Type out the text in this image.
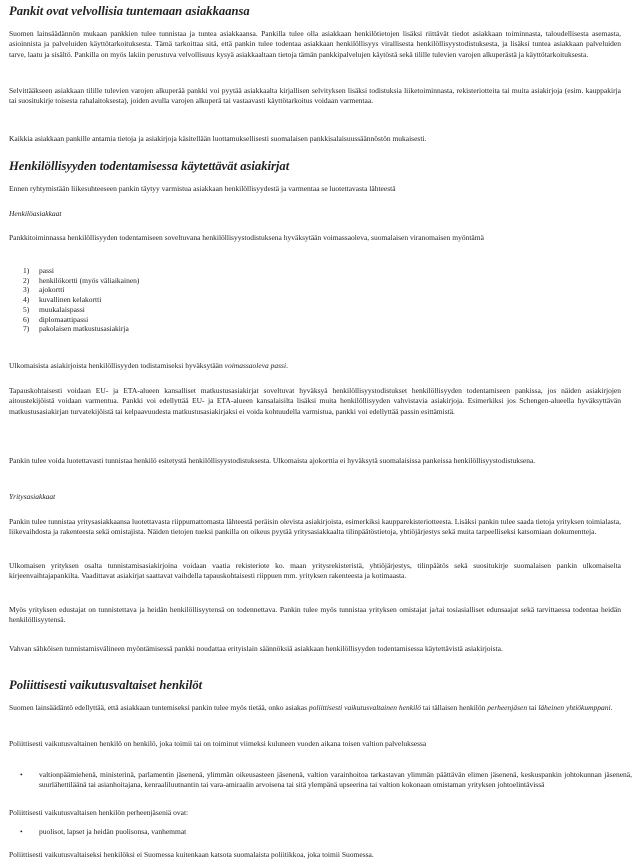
Pankit ovat velvollisia tuntemaan asiakkaansa

Suomen lainsäädännön mukaan pankkien tulee tunnistaa ja tuntea asiakkaansa. Pankilla tulee olla asiakkaan henkilötietojen lisäksi riittävät tiedot asiakkaan toiminnasta, taloudellisesta asemasta, asioinnista ja palveluiden käyttötarkoituksesta. Tämä tarkoittaa sitä, että pankin tulee todentaa asiakkaan henkilöllisyys virallisesta henkilöllisyystodistuksesta, ja lisäksi tuntea asiakkaan palveluiden tarve, laatu ja sisältö. Pankilla on myös lakiin perustuva velvollisuus kysyä asiakkaaltaan tietoja tämän pankkipalvelujen käytöstä sekä tilille tulevien varojen alkuperästä ja käyttötarkoituksesta.

Selvittääkseen asiakkaan tilille tulevien varojen alkuperää pankki voi pyytää asiakkaalta kirjallisen selvityksen lisäksi todistuksia liiketoiminnasta, rekisteriotteita tai muita asiakirjoja (esim. kauppakirja tai suositukirje toisesta rahalaitoksesta), joiden avulla varojen alkuperä tai vastaavasti käyttötarkoitus voidaan varmentaa.

Kaikkia asiakkaan pankille antamia tietoja ja asiakirjoja käsitellään luottamuksellisesti suomalaisen pankkisalaisuussäännöstön mukaisesti.

Henkilöllisyyden todentamisessa käytettävät asiakirjat

Ennen ryhtymistään liikesuhteeseen pankin täytyy varmistua asiakkaan henkilöllisyydestä ja varmentaa se luotettavasta lähteestä

Henkilöasiakkaat

Pankkitoiminnassa henkilöllisyyden todentamiseen soveltuvana henkilöllisyystodistuksena hyväksytään voimassaoleva, suomalaisen viranomaisen myöntämä

1)	passi
2)	henkilökortti (myös väliaikainen)
3)	ajokortti
4)	kuvallinen kelakortti
5)	muukalaispassi
6)	diplomaattipassi
7)	pakolaisen matkustusasiakirja

Ulkomaisista asiakirjoista henkilöllisyyden todistamiseksi hyväksytään voimassaoleva passi.

Tapauskohtaisesti voidaan EU- ja ETA-alueen kansalliset matkustusasiakirjat soveltuvat hyväksyä henkilöllisyystodistukset henkilöllisyyden todentamiseen pankissa, jos näiden asiakirjojen aitoustekijöistä voidaan varmentua. Pankki voi edellyttää EU- ja ETA-alueen kansalaisilta lisäksi muita henkilöllisyyden vahvistavia asiakirjoja. Esimerkiksi jos Schengen-alueella hyväksyttävän matkustusasiakirjan turvatekijöistä tai kelpaavuudesta matkustusasiakirjaksi ei voida kohtuudella varmistua, pankki voi edellyttää passin esittämistä.

Pankin tulee voida luotettavasti tunnistaa henkilö esitetystä henkilöllisyystodistuksesta. Ulkomaista ajokorttia ei hyväksytä suomalaisissa pankeissa henkilöllisyystodistuksena.

Yritysasiakkaat

Pankin tulee tunnistaa yritysasiakkaansa luotettavasta riippumattomasta lähteestä peräisin olevista asiakirjoista, esimerkiksi kaupparekisteriotteesta. Lisäksi pankin tulee saada tietoja yrityksen toimialasta, liikevaihdosta ja rakenteesta sekä omistajista. Näiden tietojen tueksi pankilla on oikeus pyytää yritysasiakkaalta tilinpäätöstietoja, yhtiöjärjestys sekä muita tarpeelliseksi katsomiaan dokumentteja.

Ulkomaisen yrityksen osalta tunnistamisasiakirjoina voidaan vaatia rekisteriote ko. maan yritysrekisteristä, yhtiöjärjestys, tilinpäätös sekä suositukirje suomalaisen pankin ulkomaiselta kirjeenvaihtajapankilta. Vaadittavat asiakirjat saattavat vaihdella tapauskohtaisesti riippuen mm. yrityksen rakenteesta ja kotimaasta.

Myös yrityksen edustajat on tunnistettava ja heidän henkilöllisyytensä on todennettava. Pankin tulee myös tunnistaa yrityksen omistajat ja/tai tosiasialliset edunsaajat sekä tarvittaessa todentaa heidän henkilöllisyytensä.

Vahvan sähköisen tunnistamisvälineen myöntämisessä pankki noudattaa erityislain säännöksiä asiakkaan henkilöllisyyden todentamisessa käytettävistä asiakirjoista.

Poliittisesti vaikutusvaltaiset henkilöt

Suomen lainsäädäntö edellyttää, että asiakkaan tuntemiseksi pankin tulee myös tietää, onko asiakas poliittisesti vaikutusvaltainen henkilö tai tällaisen henkilön perheenjäsen tai läheinen yhtiökumppani.

Poliittisesti vaikutusvaltainen henkilö on henkilö, joka toimii tai on toiminut viimeksi kuluneen vuoden aikana toisen valtion palveluksessa

•	valtionpäämiehenä, ministerinä, parlamentin jäsenenä, ylimmän oikeusasteen jäsenenä, valtion varainhoitoa tarkastavan ylimmän päättävän elimen jäsenenä, keskuspankin johtokunnan jäsenenä, suurlähettiläänä tai asianhoitajana, kenraaliluutnantin tai vara-amiraalin arvoisena tai sitä ylempänä upseerina tai valtion kokonaan omistaman yrityksen johtoelintävissä

Poliittisesti vaikutusvaltaisen henkilön perheenjäseniä ovat:

•	puolisot, lapset ja heidän puolisonsa, vanhemmat

Poliittisesti vaikutusvaltaiseksi henkilöksi ei Suomessa kuitenkaan katsota suomalaista poliitikkoa, joka toimii Suomessa.
